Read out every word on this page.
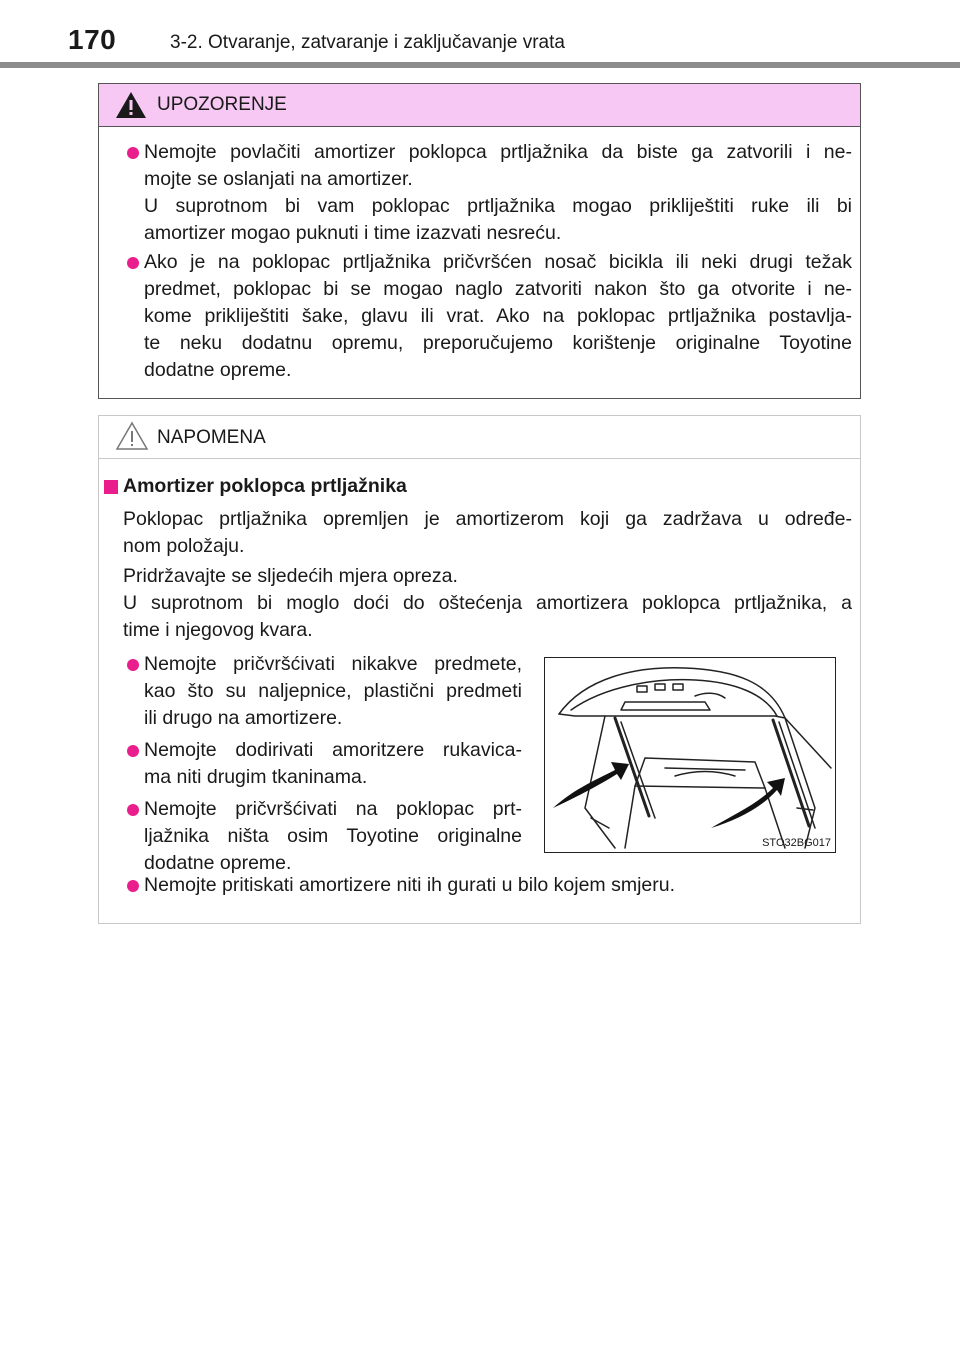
170	3-2. Otvaranje, zatvaranje i zaključavanje vrata
UPOZORENJE
Nemojte povlačiti amortizer poklopca prtljažnika da biste ga zatvorili i ne-
mojte se oslanjati na amortizer.
U suprotnom bi vam poklopac prtljažnika mogao prikliještiti ruke ili bi
amortizer mogao puknuti i time izazvati nesreću.
Ako je na poklopac prtljažnika pričvršćen nosač bicikla ili neki drugi težak
predmet, poklopac bi se mogao naglo zatvoriti nakon što ga otvorite i ne-
kome prikliještiti šake, glavu ili vrat. Ako na poklopac prtljažnika postavlja-
te neku dodatnu opremu, preporučujemo korištenje originalne Toyotine
dodatne opreme.
NAPOMENA
Amortizer poklopca prtljažnika
Poklopac prtljažnika opremljen je amortizerom koji ga zadržava u određe-
nom položaju.
Pridržavajte se sljedećih mjera opreza.
U suprotnom bi moglo doći do oštećenja amortizera poklopca prtljažnika, a
time i njegovog kvara.
Nemojte pričvršćivati nikakve predmete,
kao što su naljepnice, plastični predmeti
ili drugo na amortizere.
Nemojte dodirivati amoritzere rukavica-
ma niti drugim tkaninama.
Nemojte pričvršćivati na poklopac prt-
ljažnika ništa osim Toyotine originalne
dodatne opreme.
Nemojte pritiskati amortizere niti ih gurati u bilo kojem smjeru.
STO32BG017
